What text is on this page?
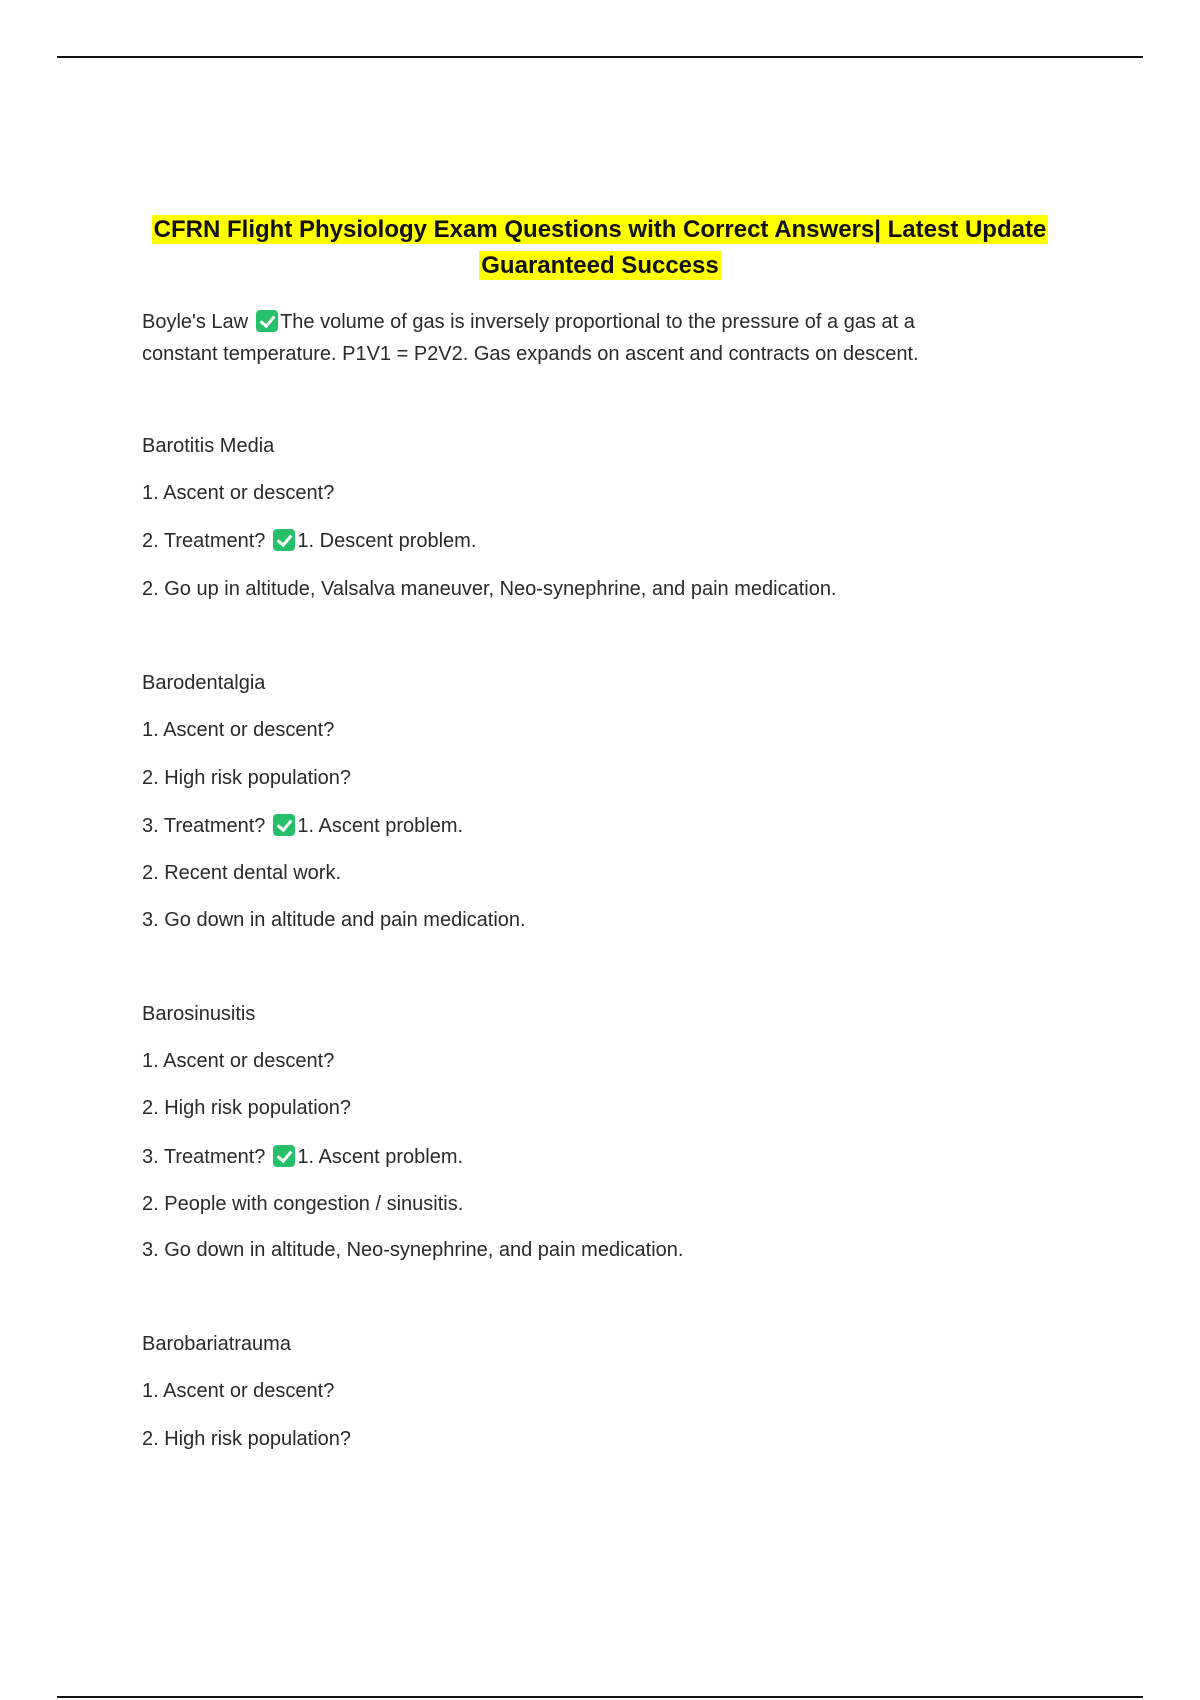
CFRN Flight Physiology Exam Questions with Correct Answers| Latest Update
Guaranteed Success

Boyle's Law The volume of gas is inversely proportional to the pressure of a gas at a

constant temperature. P1V1 = P2V2. Gas expands on ascent and contracts on descent.

Barotitis Media
1. Ascent or descent?
2. Treatment? 1. Descent problem.
2. Go up in altitude, Valsalva maneuver, Neo-synephrine, and pain medication.
Barodentalgia
1. Ascent or descent?
2. High risk population?
3. Treatment? 1. Ascent problem.
2. Recent dental work.
3. Go down in altitude and pain medication.
Barosinusitis
1. Ascent or descent?
2. High risk population?
3. Treatment? 1. Ascent problem.
2. People with congestion / sinusitis.
3. Go down in altitude, Neo-synephrine, and pain medication.
Barobariatrauma
1. Ascent or descent?
2. High risk population?
